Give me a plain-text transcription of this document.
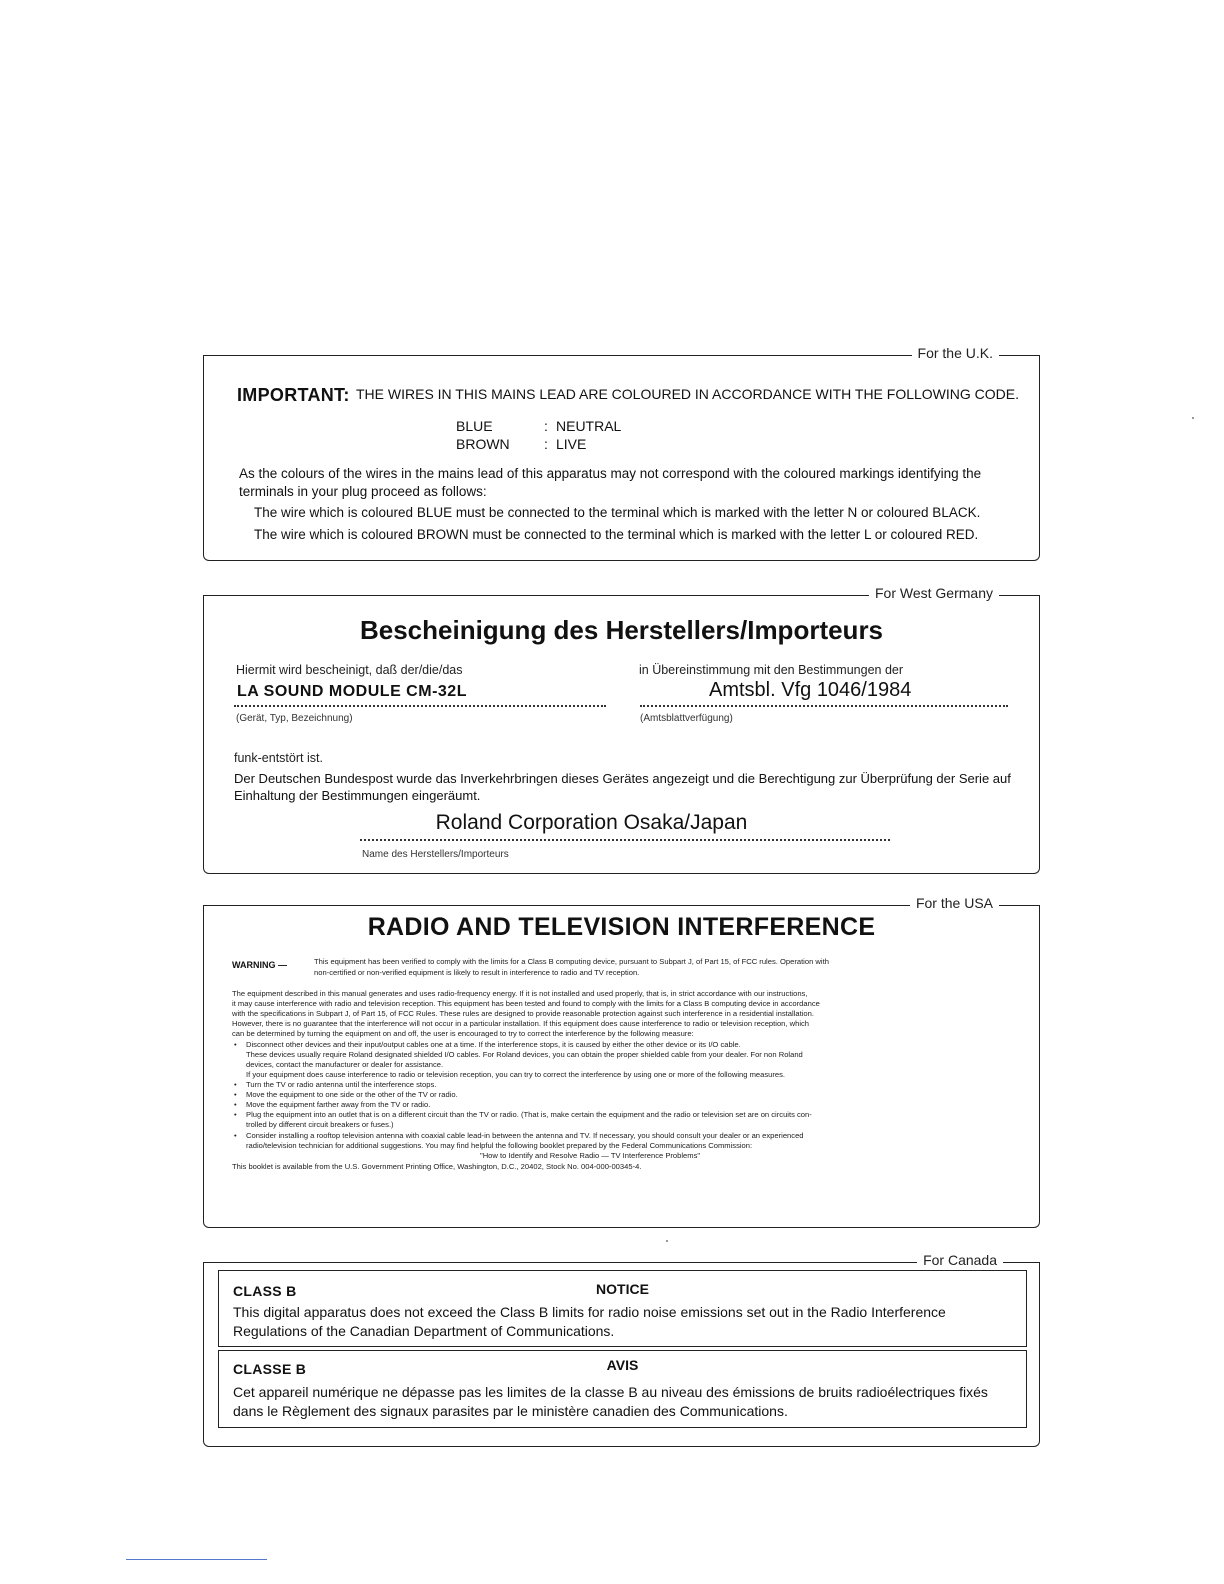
For the U.K.
IMPORTANT: THE WIRES IN THIS MAINS LEAD ARE COLOURED IN ACCORDANCE WITH THE FOLLOWING CODE.
BLUE	: NEUTRAL
BROWN : LIVE
As the colours of the wires in the mains lead of this apparatus may not correspond with the coloured markings identifying the terminals in your plug proceed as follows:
The wire which is coloured BLUE must be connected to the terminal which is marked with the letter N or coloured BLACK.
The wire which is coloured BROWN must be connected to the terminal which is marked with the letter L or coloured RED.
For West Germany
Bescheinigung des Herstellers/Importeurs
Hiermit wird bescheinigt, daß der/die/das
LA SOUND MODULE CM-32L
(Gerät, Typ, Bezeichnung)
in Übereinstimmung mit den Bestimmungen der
Amtsbl. Vfg 1046/1984
(Amtsblattverfügung)
funk-entstört ist.
Der Deutschen Bundespost wurde das Inverkehrbringen dieses Gerätes angezeigt und die Berechtigung zur Überprüfung der Serie auf Einhaltung der Bestimmungen eingeräumt.
Roland Corporation Osaka/Japan
Name des Herstellers/Importeurs
For the USA
RADIO AND TELEVISION INTERFERENCE
WARNING —	This equipment has been verified to comply with the limits for a Class B computing device, pursuant to Subpart J, of Part 15, of FCC rules. Operation with
non-certified or non-verified equipment is likely to result in interference to radio and TV reception.
The equipment described in this manual generates and uses radio-frequency energy. If it is not installed and used properly, that is, in strict accordance with our instructions,
it may cause interference with radio and television reception. This equipment has been tested and found to comply with the limits for a Class B computing device in accordance
with the specifications in Subpart J, of Part 15, of FCC Rules. These rules are designed to provide reasonable protection against such interference in a residential installation.
However, there is no guarantee that the interference will not occur in a particular installation. If this equipment does cause interference to radio or television reception, which
can be determined by turning the equipment on and off, the user is encouraged to try to correct the interference by the following measure:
• Disconnect other devices and their input/output cables one at a time. If the interference stops, it is caused by either the other device or its I/O cable.
These devices usually require Roland designated shielded I/O cables. For Roland devices, you can obtain the proper shielded cable from your dealer. For non Roland
devices, contact the manufacturer or dealer for assistance.
If your equipment does cause interference to radio or television reception, you can try to correct the interference by using one or more of the following measures.
• Turn the TV or radio antenna until the interference stops.
• Move the equipment to one side or the other of the TV or radio.
• Move the equipment farther away from the TV or radio.
• Plug the equipment into an outlet that is on a different circuit than the TV or radio. (That is, make certain the equipment and the radio or television set are on circuits con-
trolled by different circuit breakers or fuses.)
• Consider installing a rooftop television antenna with coaxial cable lead-in between the antenna and TV. If necessary, you should consult your dealer or an experienced
radio/television technician for additional suggestions. You may find helpful the following booklet prepared by the Federal Communications Commission:
"How to Identify and Resolve Radio — TV Interference Problems"
This booklet is available from the U.S. Government Printing Office, Washington, D.C., 20402, Stock No. 004-000-00345-4.
For Canada
CLASS B	NOTICE
This digital apparatus does not exceed the Class B limits for radio noise emissions set out in the Radio Interference Regulations of the Canadian Department of Communications.
CLASSE B	AVIS
Cet appareil numérique ne dépasse pas les limites de la classe B au niveau des émissions de bruits radioélectriques fixés dans le Règlement des signaux parasites par le ministère canadien des Communications.
